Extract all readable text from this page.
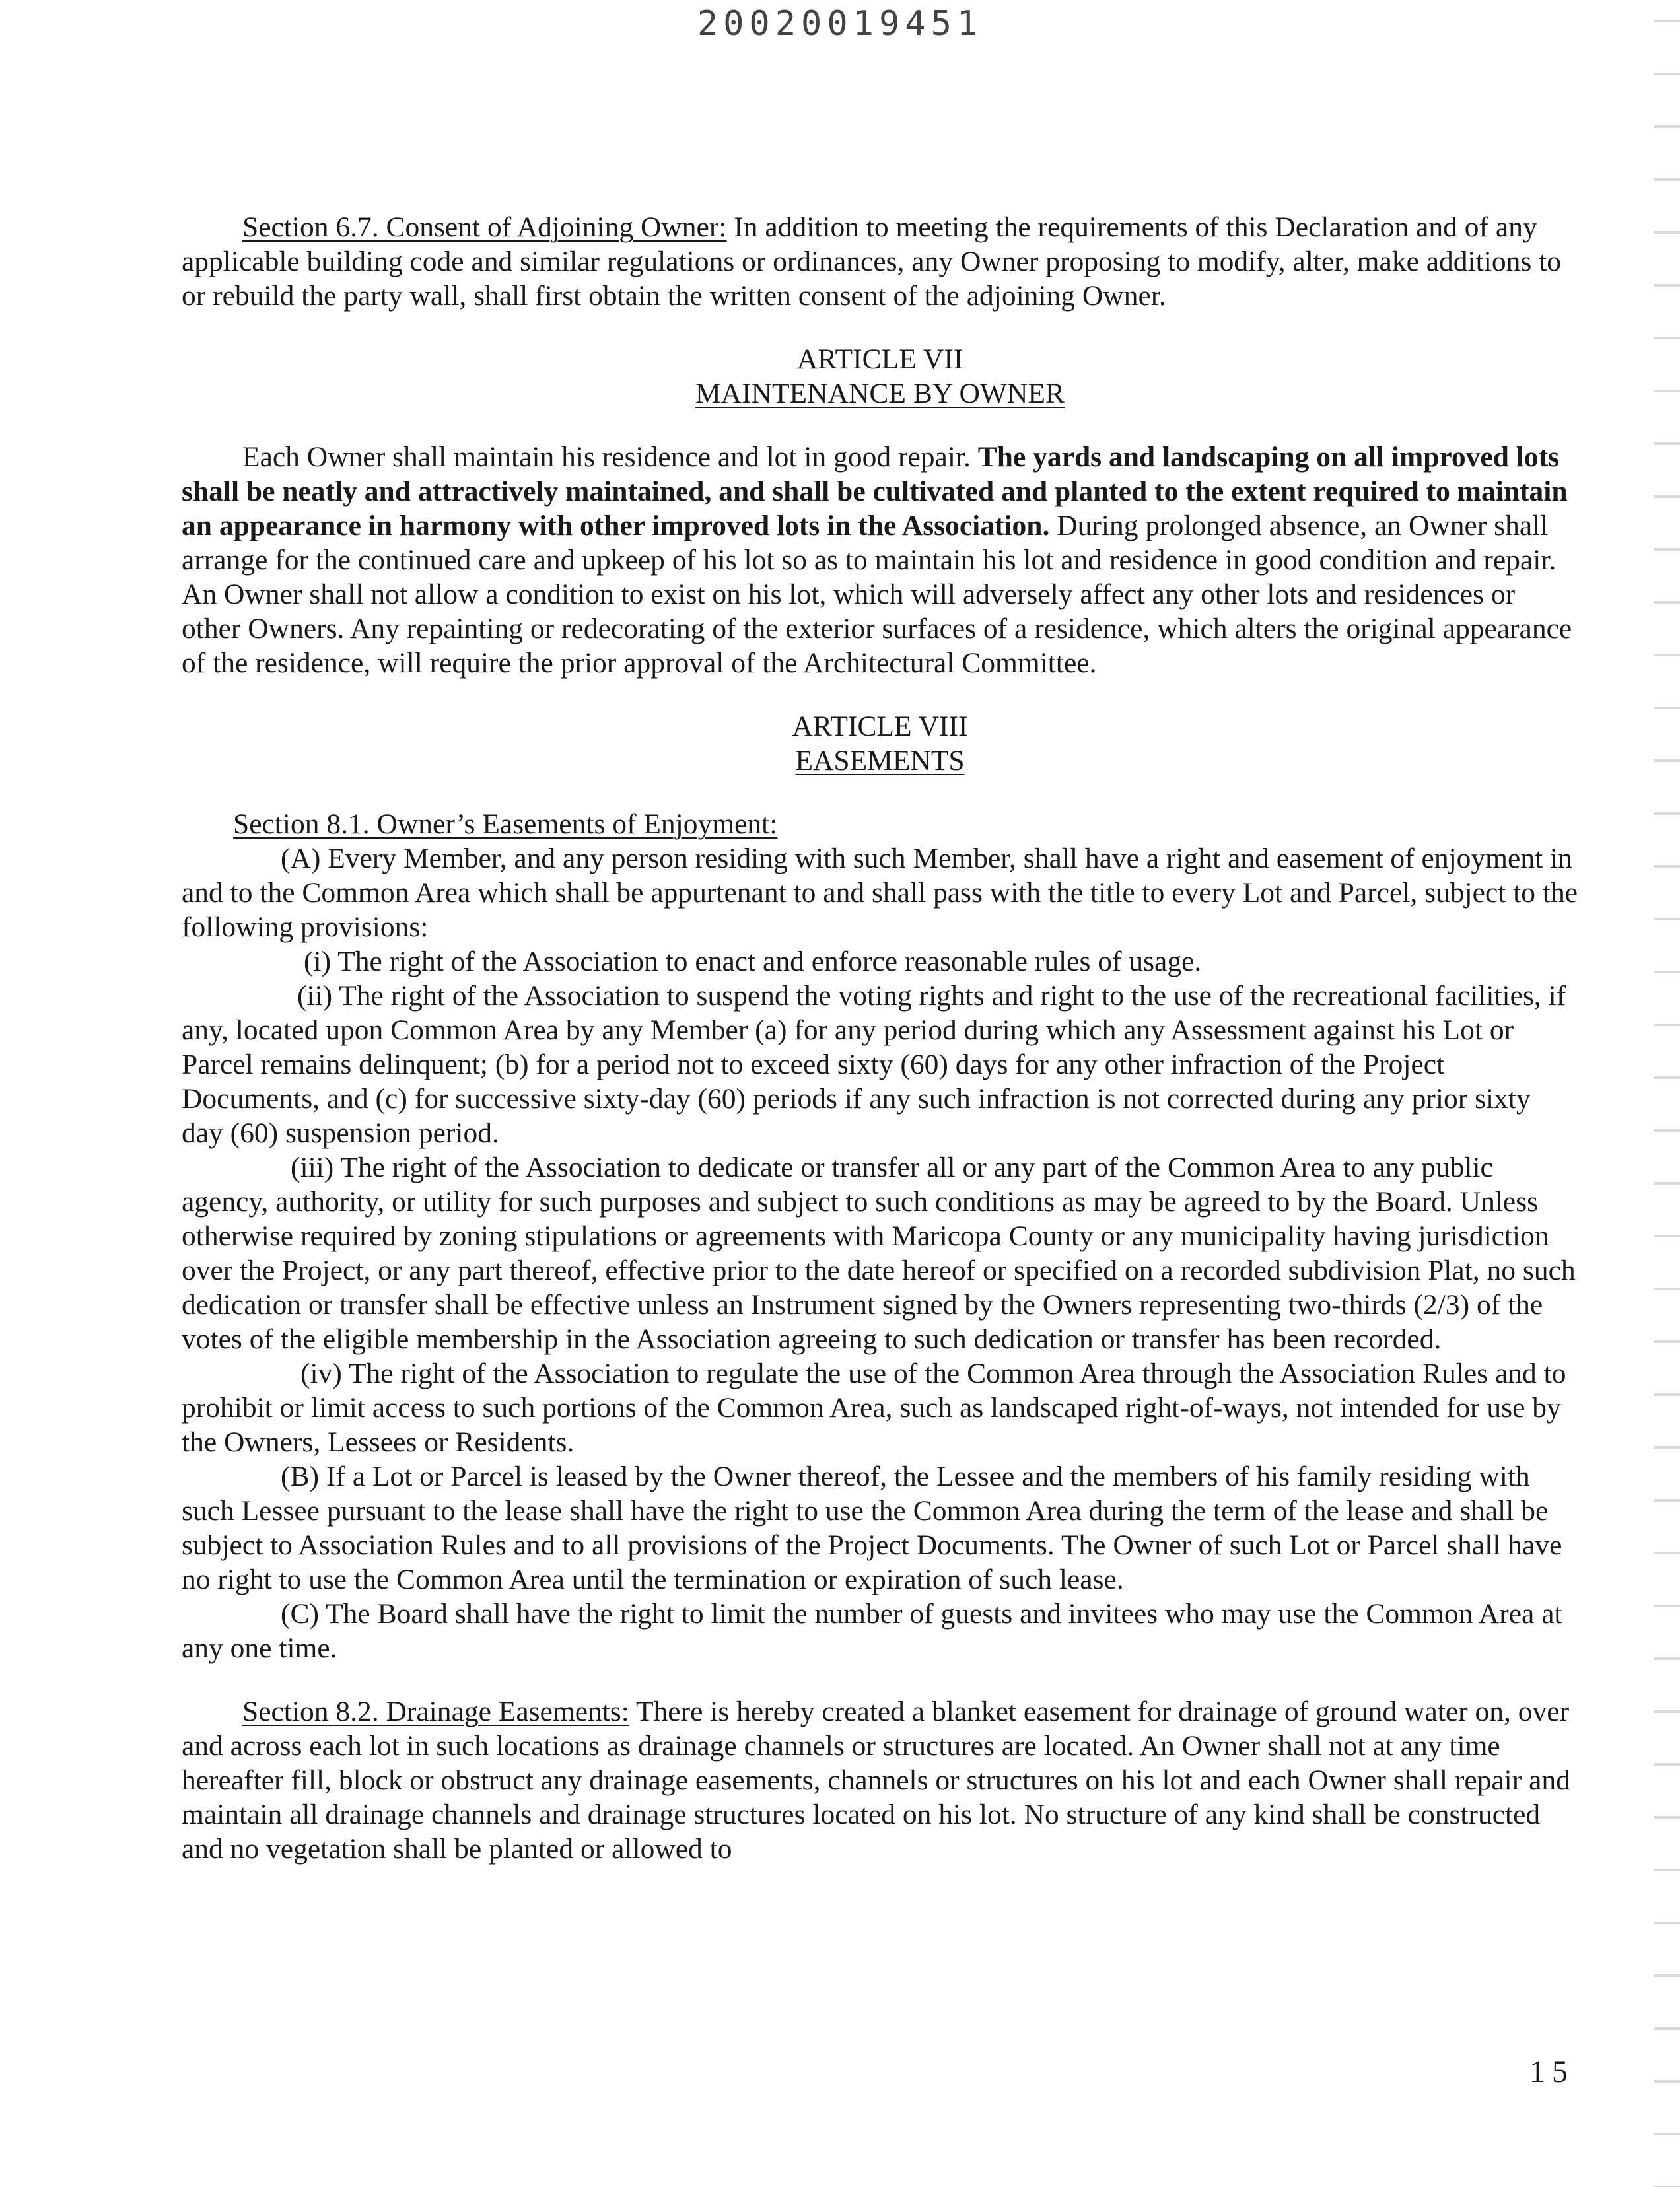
20020019451

Section 6.7. Consent of Adjoining Owner: In addition to meeting the requirements of this Declaration and of any applicable building code and similar regulations or ordinances, any Owner proposing to modify, alter, make additions to or rebuild the party wall, shall first obtain the written consent of the adjoining Owner.

ARTICLE VII
MAINTENANCE BY OWNER

Each Owner shall maintain his residence and lot in good repair. The yards and landscaping on all improved lots shall be neatly and attractively maintained, and shall be cultivated and planted to the extent required to maintain an appearance in harmony with other improved lots in the Association. During prolonged absence, an Owner shall arrange for the continued care and upkeep of his lot so as to maintain his lot and residence in good condition and repair. An Owner shall not allow a condition to exist on his lot, which will adversely affect any other lots and residences or other Owners. Any repainting or redecorating of the exterior surfaces of a residence, which alters the original appearance of the residence, will require the prior approval of the Architectural Committee.

ARTICLE VIII
EASEMENTS

Section 8.1. Owner’s Easements of Enjoyment:

(A) Every Member, and any person residing with such Member, shall have a right and easement of enjoyment in and to the Common Area which shall be appurtenant to and shall pass with the title to every Lot and Parcel, subject to the following provisions:

(i) The right of the Association to enact and enforce reasonable rules of usage.

(ii) The right of the Association to suspend the voting rights and right to the use of the recreational facilities, if any, located upon Common Area by any Member (a) for any period during which any Assessment against his Lot or Parcel remains delinquent; (b) for a period not to exceed sixty (60) days for any other infraction of the Project Documents, and (c) for successive sixty-day (60) periods if any such infraction is not corrected during any prior sixty day (60) suspension period.

(iii) The right of the Association to dedicate or transfer all or any part of the Common Area to any public agency, authority, or utility for such purposes and subject to such conditions as may be agreed to by the Board. Unless otherwise required by zoning stipulations or agreements with Maricopa County or any municipality having jurisdiction over the Project, or any part thereof, effective prior to the date hereof or specified on a recorded subdivision Plat, no such dedication or transfer shall be effective unless an Instrument signed by the Owners representing two-thirds (2/3) of the votes of the eligible membership in the Association agreeing to such dedication or transfer has been recorded.

(iv) The right of the Association to regulate the use of the Common Area through the Association Rules and to prohibit or limit access to such portions of the Common Area, such as landscaped right-of-ways, not intended for use by the Owners, Lessees or Residents.

(B) If a Lot or Parcel is leased by the Owner thereof, the Lessee and the members of his family residing with such Lessee pursuant to the lease shall have the right to use the Common Area during the term of the lease and shall be subject to Association Rules and to all provisions of the Project Documents. The Owner of such Lot or Parcel shall have no right to use the Common Area until the termination or expiration of such lease.

(C) The Board shall have the right to limit the number of guests and invitees who may use the Common Area at any one time.

Section 8.2. Drainage Easements: There is hereby created a blanket easement for drainage of ground water on, over and across each lot in such locations as drainage channels or structures are located. An Owner shall not at any time hereafter fill, block or obstruct any drainage easements, channels or structures on his lot and each Owner shall repair and maintain all drainage channels and drainage structures located on his lot. No structure of any kind shall be constructed and no vegetation shall be planted or allowed to

15
